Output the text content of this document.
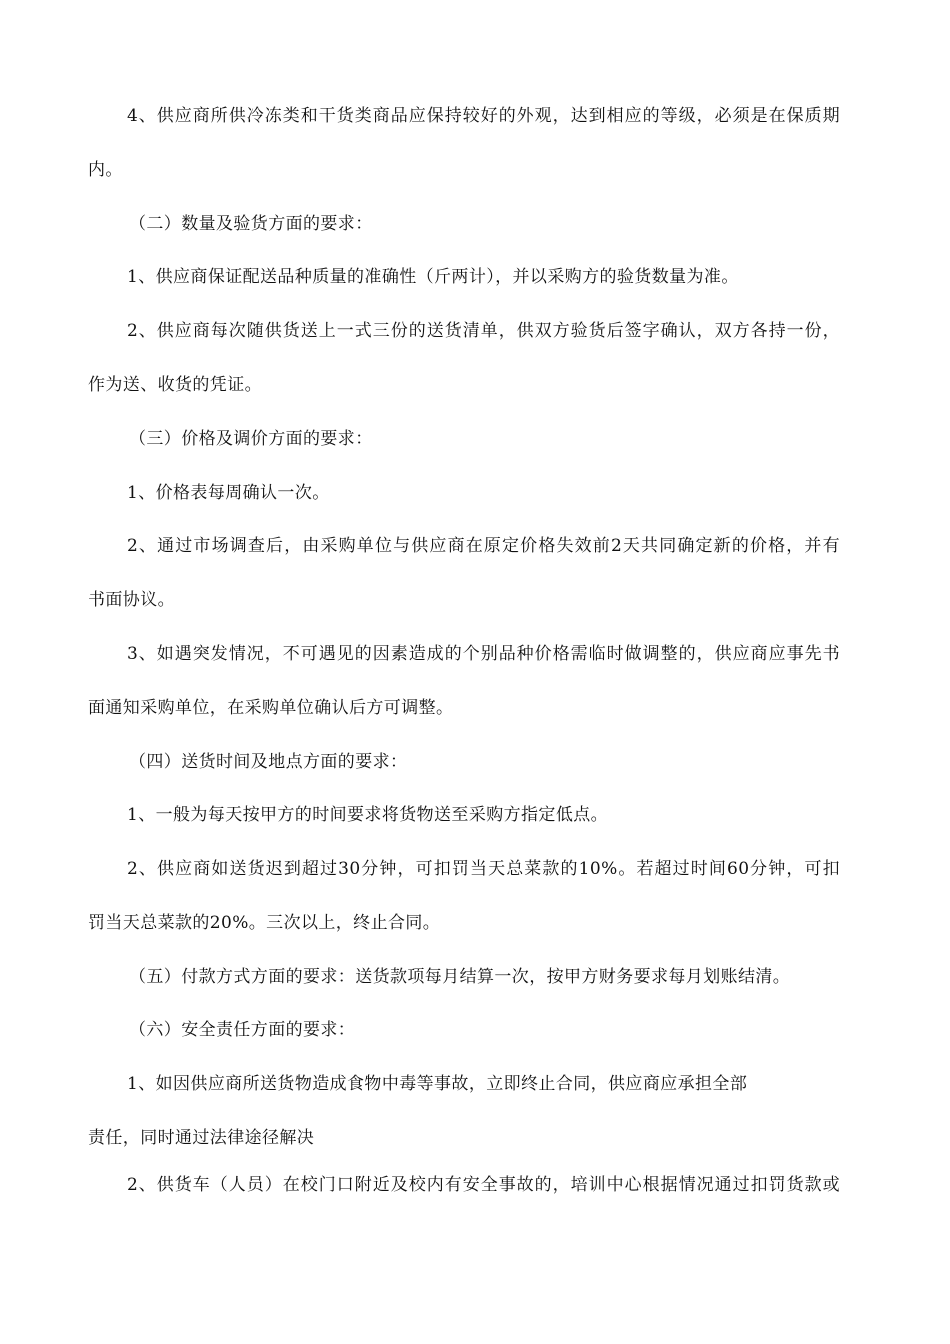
4、供应商所供冷冻类和干货类商品应保持较好的外观，达到相应的等级，必须是在保质期
内。
（二）数量及验货方面的要求：
1、供应商保证配送品种质量的准确性（斤两计），并以采购方的验货数量为准。
2、供应商每次随供货送上一式三份的送货清单，供双方验货后签字确认，双方各持一份，
作为送、收货的凭证。
（三）价格及调价方面的要求：
1、价格表每周确认一次。
2、通过市场调查后，由采购单位与供应商在原定价格失效前2天共同确定新的价格，并有
书面协议。
3、如遇突发情况，不可遇见的因素造成的个别品种价格需临时做调整的，供应商应事先书
面通知采购单位，在采购单位确认后方可调整。
（四）送货时间及地点方面的要求：
1、一般为每天按甲方的时间要求将货物送至采购方指定低点。
2、供应商如送货迟到超过30分钟，可扣罚当天总菜款的10%。若超过时间60分钟，可扣
罚当天总菜款的20%。三次以上，终止合同。
（五）付款方式方面的要求：送货款项每月结算一次，按甲方财务要求每月划账结清。
（六）安全责任方面的要求：
1、如因供应商所送货物造成食物中毒等事故，立即终止合同，供应商应承担全部
责任，同时通过法律途径解决
2、供货车（人员）在校门口附近及校内有安全事故的，培训中心根据情况通过扣罚货款或
